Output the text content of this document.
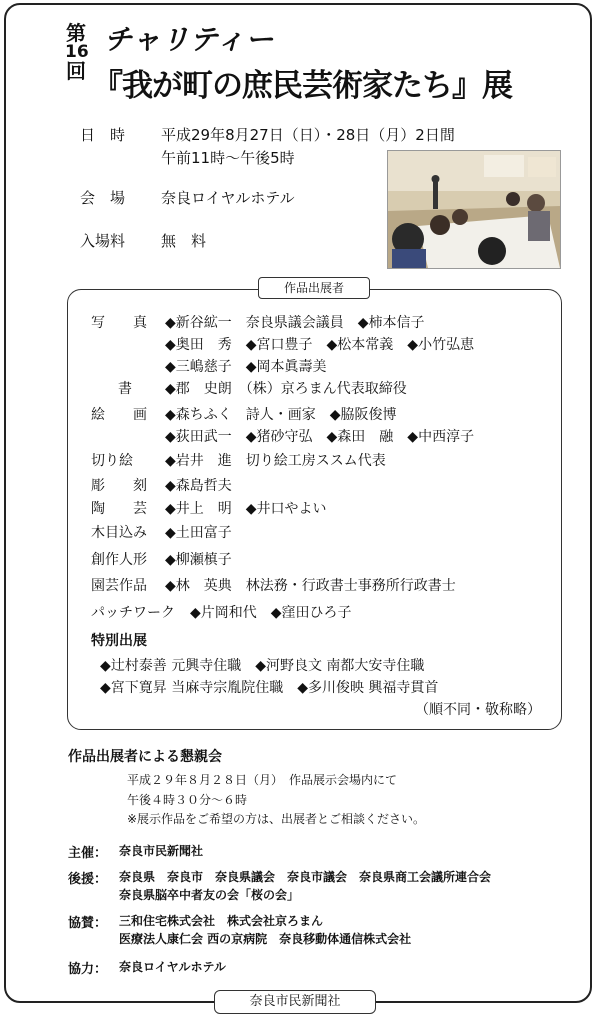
第
16
回
チャリティー
『我が町の庶民芸術家たち』展
日　時 平成29年8月27日（日）・28日（月）2日間
午前11時～午後5時
会　場 奈良ロイヤルホテル
入場料 無　料
作品出展者
写　　真 ◆新谷絋一　奈良県議会議員　◆柿本信子
◆奥田　秀　◆宮口豊子　◆松本常義　◆小竹弘恵
◆三嶋慈子　◆岡本眞壽美
書 ◆郡　史朗　（株）京ろまん代表取締役
絵　　画 ◆森ちふく　詩人・画家　◆脇阪俊博
◆荻田武一　◆猪砂守弘　◆森田　融　◆中西淳子
切り絵 ◆岩井　進　切り絵工房ススム代表
彫　　刻 ◆森島哲夫
陶　　芸 ◆井上　明　◆井口やよい
木目込み ◆土田富子
創作人形 ◆柳瀬槙子
園芸作品 ◆林　英典　林法務・行政書士事務所行政書士
パッチワーク ◆片岡和代　◆窪田ひろ子
特別出展
◆辻村泰善 元興寺住職　◆河野良文 南都大安寺住職
◆宮下寛昇 当麻寺宗胤院住職　◆多川俊映 興福寺貫首
（順不同・敬称略）
作品出展者による懇親会
平成２９年８月２８日（月）　作品展示会場内にて
午後４時３０分～６時
※展示作品をご希望の方は、出展者とご相談ください。
主催： 奈良市民新聞社
後援： 奈良県　奈良市　奈良県議会　奈良市議会　奈良県商工会議所連合会
奈良県脳卒中者友の会「桜の会」
協賛： 三和住宅株式会社　株式会社京ろまん
医療法人康仁会 西の京病院　奈良移動体通信株式会社
協力： 奈良ロイヤルホテル
奈良市民新聞社
